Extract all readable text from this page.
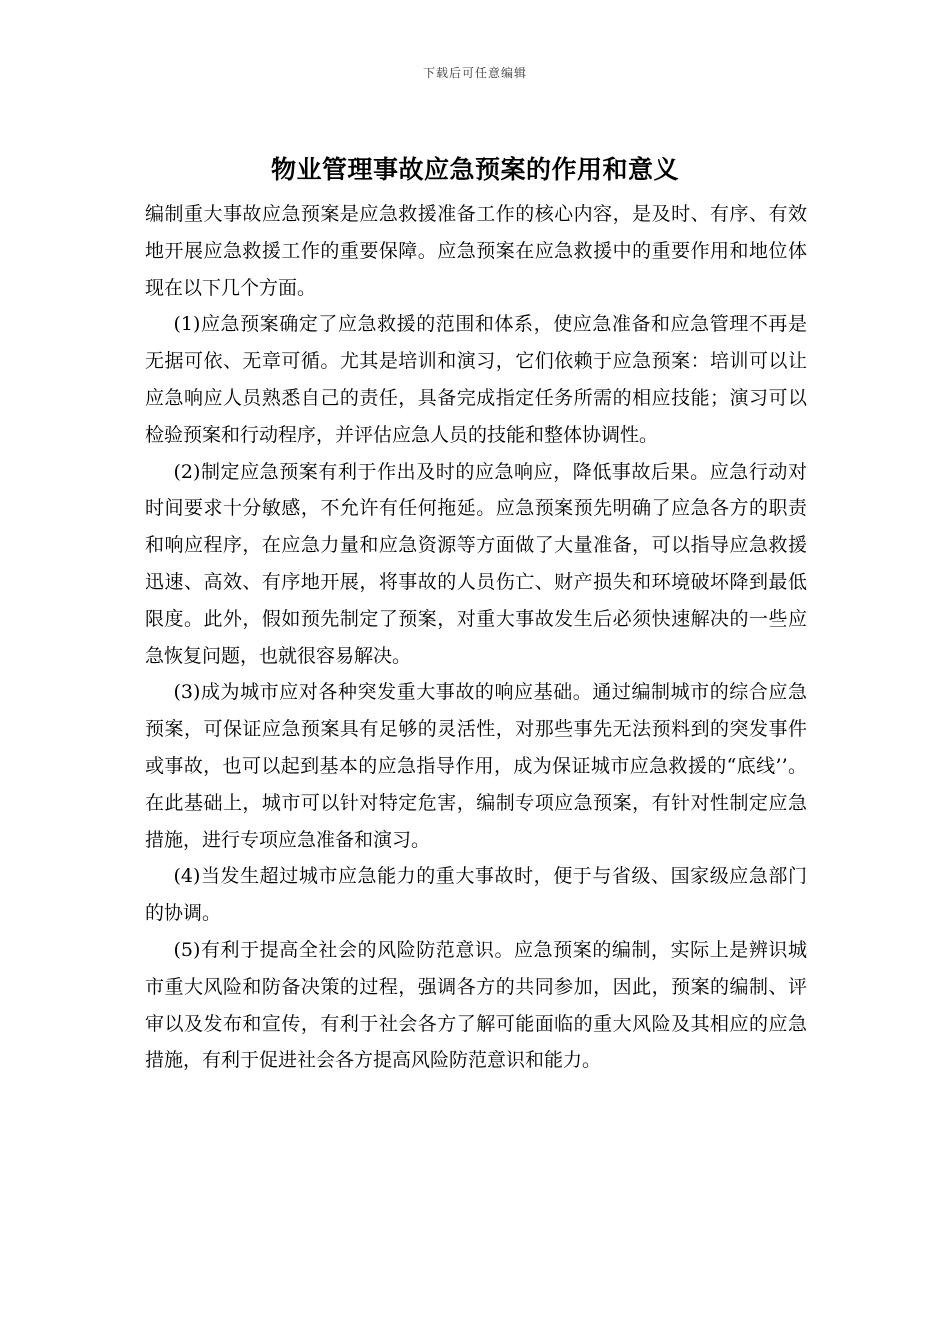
下载后可任意编辑
物业管理事故应急预案的作用和意义

编制重大事故应急预案是应急救援准备工作的核心内容，是及时、有序、有效地开展应急救援工作的重要保障。应急预案在应急救援中的重要作用和地位体现在以下几个方面。

(1)应急预案确定了应急救援的范围和体系，使应急准备和应急管理不再是无据可依、无章可循。尤其是培训和演习，它们依赖于应急预案：培训可以让应急响应人员熟悉自己的责任，具备完成指定任务所需的相应技能；演习可以检验预案和行动程序，并评估应急人员的技能和整体协调性。

(2)制定应急预案有利于作出及时的应急响应，降低事故后果。应急行动对时间要求十分敏感，不允许有任何拖延。应急预案预先明确了应急各方的职责和响应程序，在应急力量和应急资源等方面做了大量准备，可以指导应急救援迅速、高效、有序地开展，将事故的人员伤亡、财产损失和环境破坏降到最低限度。此外，假如预先制定了预案，对重大事故发生后必须快速解决的一些应急恢复问题，也就很容易解决。

(3)成为城市应对各种突发重大事故的响应基础。通过编制城市的综合应急预案，可保证应急预案具有足够的灵活性，对那些事先无法预料到的突发事件或事故，也可以起到基本的应急指导作用，成为保证城市应急救援的“底线’’。在此基础上，城市可以针对特定危害，编制专项应急预案，有针对性制定应急措施，进行专项应急准备和演习。

(4)当发生超过城市应急能力的重大事故时，便于与省级、国家级应急部门的协调。

(5)有利于提高全社会的风险防范意识。应急预案的编制，实际上是辨识城市重大风险和防备决策的过程，强调各方的共同参加，因此，预案的编制、评审以及发布和宣传，有利于社会各方了解可能面临的重大风险及其相应的应急措施，有利于促进社会各方提高风险防范意识和能力。
